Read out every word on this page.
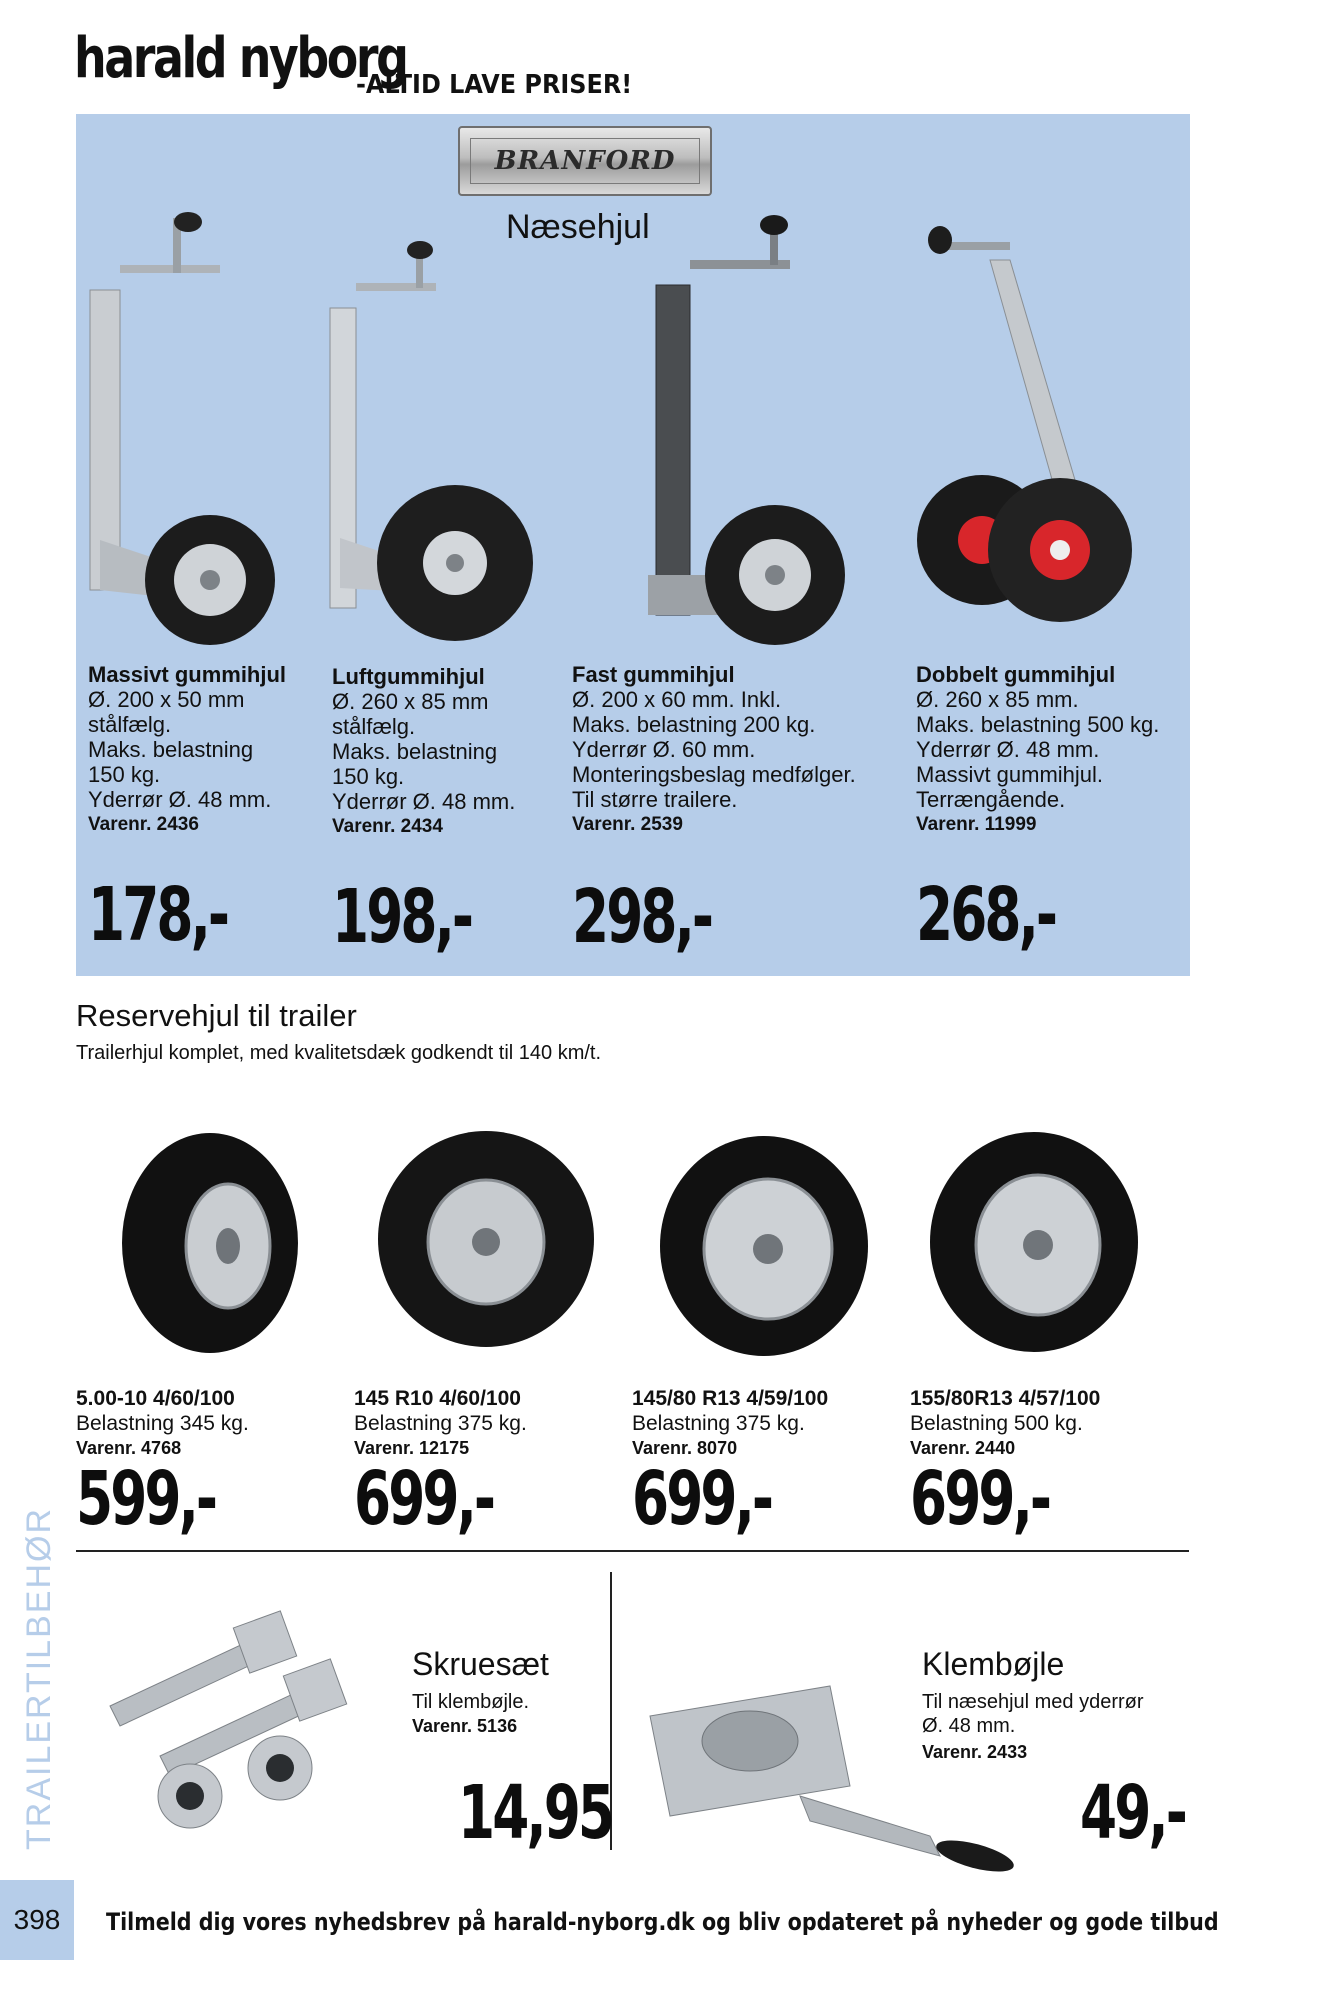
harald nyborg
-ALTID LAVE PRISER!
BRANFORD
Næsehjul
Massivt gummihjul
Ø. 200 x 50 mm
stålfælg.
Maks. belastning
150 kg.
Yderrør Ø. 48 mm.
Varenr. 2436
178,-
Luftgummihjul
Ø. 260 x 85 mm
stålfælg.
Maks. belastning
150 kg.
Yderrør Ø. 48 mm.
Varenr. 2434
198,-
Fast gummihjul
Ø. 200 x 60 mm. Inkl.
Maks. belastning 200 kg.
Yderrør Ø. 60 mm.
Monteringsbeslag medfølger.
Til større trailere.
Varenr. 2539
298,-
Dobbelt gummihjul
Ø. 260 x 85 mm.
Maks. belastning 500 kg.
Yderrør Ø. 48 mm.
Massivt gummihjul.
Terrængående.
Varenr. 11999
268,-
Reservehjul til trailer
Trailerhjul komplet, med kvalitetsdæk godkendt til 140 km/t.
5.00-10 4/60/100
Belastning 345 kg.
Varenr. 4768
599,-
145 R10 4/60/100
Belastning 375 kg.
Varenr. 12175
699,-
145/80 R13 4/59/100
Belastning 375 kg.
Varenr. 8070
699,-
155/80R13 4/57/100
Belastning 500 kg.
Varenr. 2440
699,-
Skruesæt
Til klembøjle.
Varenr. 5136
14,95
Klembøjle
Til næsehjul med yderrør
Ø. 48 mm.
Varenr. 2433
49,-
TRAILERTILBEHØR
398 Tilmeld dig vores nyhedsbrev på harald-nyborg.dk og bliv opdateret på nyheder og gode tilbud
